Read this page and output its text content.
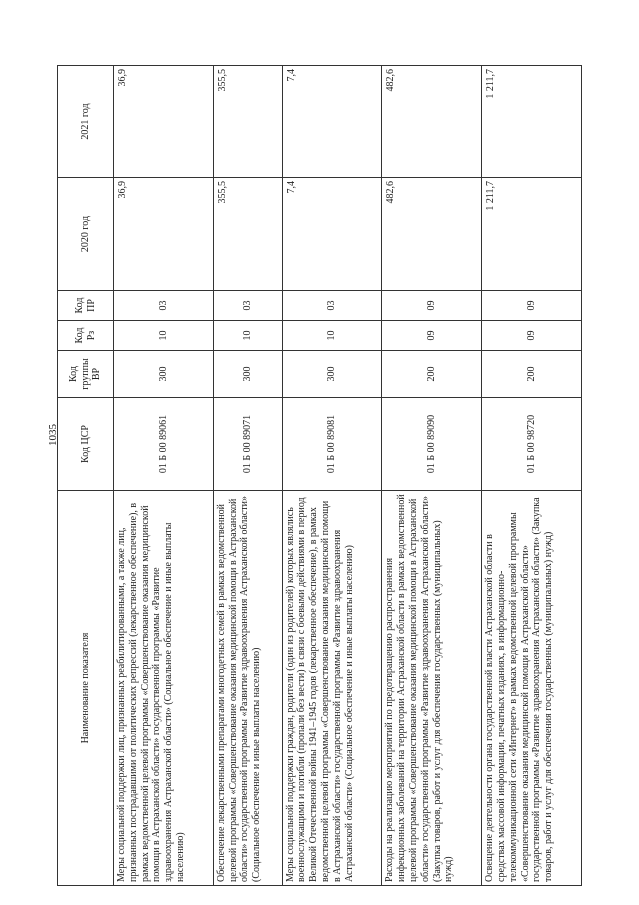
1035
Наименование показателя	Код ЦСР	Код группы ВР	Код Рз	Код ПР	2020 год	2021 год
Меры социальной поддержки лиц, признанных реабилитированными, а также лиц, признанных пострадавшими от политических репрессий (лекарственное обеспечение), в рамках ведомственной целевой программы «Совершенствование оказания медицинской помощи в Астраханской области» государственной программы «Развитие здравоохранения Астраханской области» (Социальное обеспечение и иные выплаты населению)	01 Б 00 89061	300	10	03	36,9	36,9
Обеспечение лекарственными препаратами многодетных семей в рамках ведомственной целевой программы «Совершенствование оказания медицинской помощи в Астраханской области» государственной программы «Развитие здравоохранения Астраханской области» (Социальное обеспечение и иные выплаты населению)	01 Б 00 89071	300	10	03	355,5	355,5
Меры социальной поддержки граждан, родители (один из родителей) которых являлись военнослужащими и погибли (пропали без вести) в связи с боевыми действиями в период Великой Отечественной войны 1941–1945 годов (лекарственное обеспечение), в рамках ведомственной целевой программы «Совершенствование оказания медицинской помощи в Астраханской области» государственной программы «Развитие здравоохранения Астраханской области» (Социальное обеспечение и иные выплаты населению)	01 Б 00 89081	300	10	03	7,4	7,4
Расходы на реализацию мероприятий по предотвращению распространения инфекционных заболеваний на территории Астраханской области в рамках ведомственной целевой программы «Совершенствование оказания медицинской помощи в Астраханской области» государственной программы «Развитие здравоохранения Астраханской области» (Закупка товаров, работ и услуг для обеспечения государственных (муниципальных) нужд)	01 Б 00 89090	200	09	09	482,6	482,6
Освещение деятельности органа государственной власти Астраханской области в средствах массовой информации, печатных изданиях, в информационно-телекоммуникационной сети «Интернет» в рамках ведомственной целевой программы «Совершенствование оказания медицинской помощи в Астраханской области» государственной программы «Развитие здравоохранения Астраханской области» (Закупка товаров, работ и услуг для обеспечения государственных (муниципальных) нужд)	01 Б 00 98720	200	09	09	1 211,7	1 211,7
